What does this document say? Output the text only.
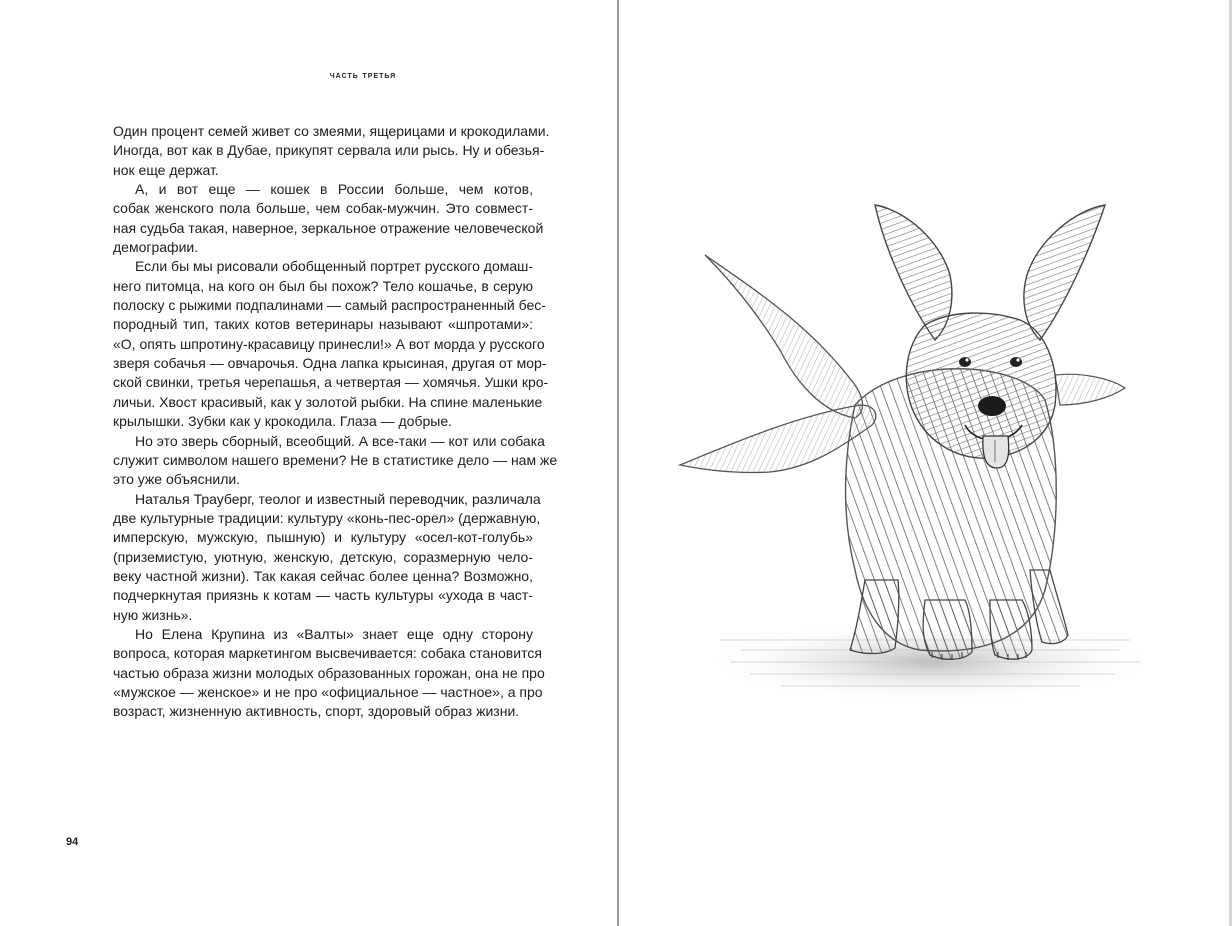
часть третья
Один процент семей живет со змеями, ящерицами и крокодилами.
Иногда, вот как в Дубае, прикупят сервала или рысь. Ну и обезья-
нок еще держат.
А, и вот еще — кошек в России больше, чем котов,
собак женского пола больше, чем собак-мужчин. Это совмест-
ная судьба такая, наверное, зеркальное отражение человеческой
демографии.
Если бы мы рисовали обобщенный портрет русского домаш-
него питомца, на кого он был бы похож? Тело кошачье, в серую
полоску с рыжими подпалинами — самый распространенный бес-
породный тип, таких котов ветеринары называют «шпротами»:
«О, опять шпротину-красавицу принесли!» А вот морда у русского
зверя собачья — овчарочья. Одна лапка крысиная, другая от мор-
ской свинки, третья черепашья, а четвертая — хомячья. Ушки кро-
личьи. Хвост красивый, как у золотой рыбки. На спине маленькие
крылышки. Зубки как у крокодила. Глаза — добрые.
Но это зверь сборный, всеобщий. А все-таки — кот или собака
служит символом нашего времени? Не в статистике дело — нам же
это уже объяснили.
Наталья Трауберг, теолог и известный переводчик, различала
две культурные традиции: культуру «конь-пес-орел» (державную,
имперскую, мужскую, пышную) и культуру «осел-кот-голубь»
(приземистую, уютную, женскую, детскую, соразмерную чело-
веку частной жизни). Так какая сейчас более ценна? Возможно,
подчеркнутая приязнь к котам — часть культуры «ухода в част-
ную жизнь».
Но Елена Крупина из «Валты» знает еще одну сторону
вопроса, которая маркетингом высвечивается: собака становится
частью образа жизни молодых образованных горожан, она не про
«мужское — женское» и не про «официальное — частное», а про
возраст, жизненную активность, спорт, здоровый образ жизни.
94
